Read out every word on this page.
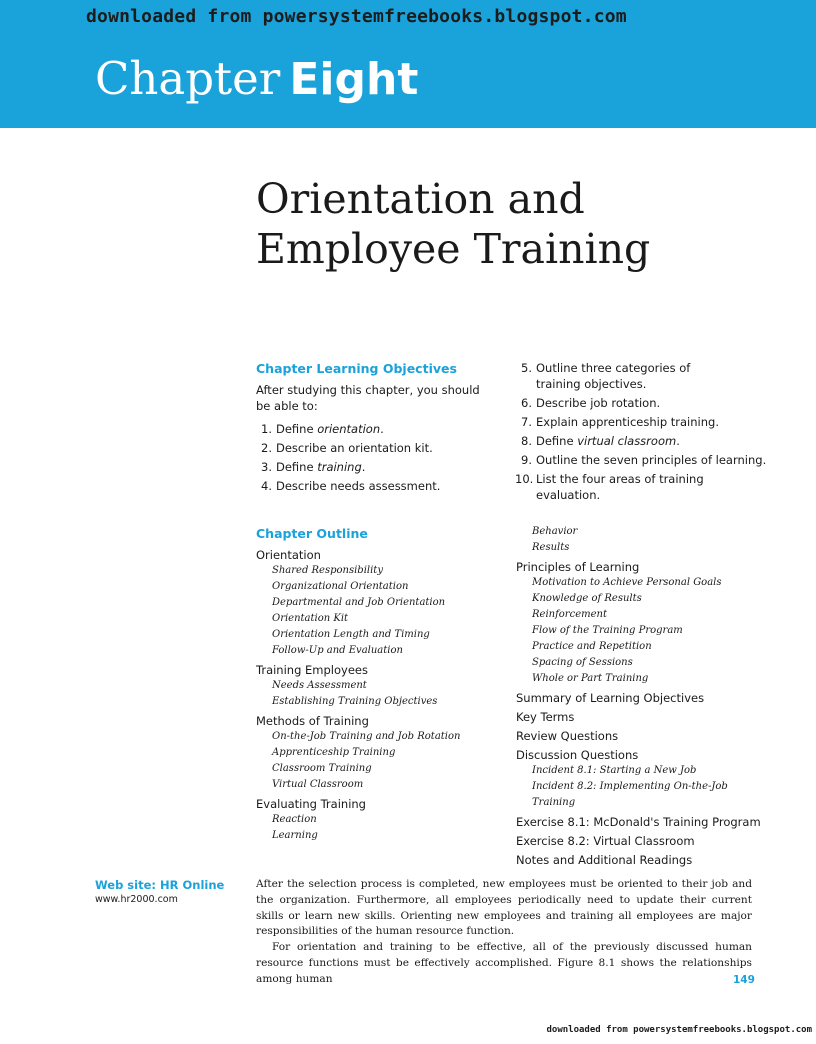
downloaded from powersystemfreebooks.blogspot.com
Chapter Eight
Orientation and
Employee Training
Chapter Learning Objectives

After studying this chapter, you should be able to:

1. Define orientation.
2. Describe an orientation kit.
3. Define training.
4. Describe needs assessment.
5. Outline three categories of
training objectives.
6. Describe job rotation.
7. Explain apprenticeship training.
8. Define virtual classroom.
9. Outline the seven principles of learning.
10. List the four areas of training
evaluation.
Chapter Outline
Orientation
Shared Responsibility
Organizational Orientation
Departmental and Job Orientation
Orientation Kit
Orientation Length and Timing
Follow-Up and Evaluation
Training Employees
Needs Assessment
Establishing Training Objectives
Methods of Training
On-the-Job Training and Job Rotation
Apprenticeship Training
Classroom Training
Virtual Classroom
Evaluating Training
Reaction
Learning
Behavior
Results
Principles of Learning
Motivation to Achieve Personal Goals
Knowledge of Results
Reinforcement
Flow of the Training Program
Practice and Repetition
Spacing of Sessions
Whole or Part Training
Summary of Learning Objectives
Key Terms
Review Questions
Discussion Questions
Incident 8.1: Starting a New Job
Incident 8.2: Implementing On-the-Job
Training
Exercise 8.1: McDonald's Training Program
Exercise 8.2: Virtual Classroom
Notes and Additional Readings
Web site: HR Online
www.hr2000.com

After the selection process is completed, new employees must be oriented to their job and the organization. Furthermore, all employees periodically need to update their current skills or learn new skills. Orienting new employees and training all employees are major responsibilities of the human resource function.

For orientation and training to be effective, all of the previously discussed human resource functions must be effectively accomplished. Figure 8.1 shows the relationships among human	149
downloaded from powersystemfreebooks.blogspot.com
